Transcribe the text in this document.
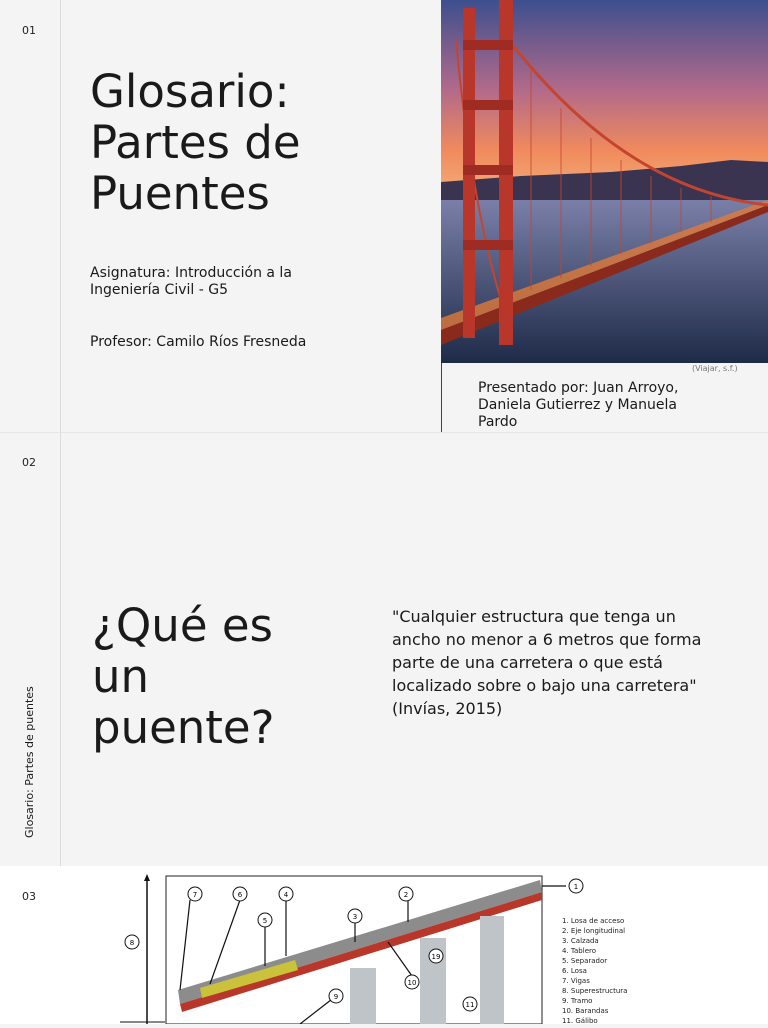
01
Glosario:
Partes de
Puentes
Asignatura: Introducción a la Ingeniería Civil - G5
Profesor: Camilo Ríos Fresneda
(Viajar, s.f.)
Presentado por: Juan Arroyo, Daniela Gutierrez y Manuela Pardo
02
¿Qué es
un
puente?
"Cualquier estructura que tenga un ancho no menor a 6 metros que forma parte de una carretera o que está localizado sobre o bajo una carretera" (Invías, 2015)
Glosario: Partes de puentes
03
1
2
3
4
5
6
7
8
9
10
11
19
1. Losa de acceso
2. Eje longitudinal
3. Calzada
4. Tablero
5. Separador
6. Losa
7. Vigas
8. Superestructura
9. Tramo
10. Barandas
11. Gálibo
